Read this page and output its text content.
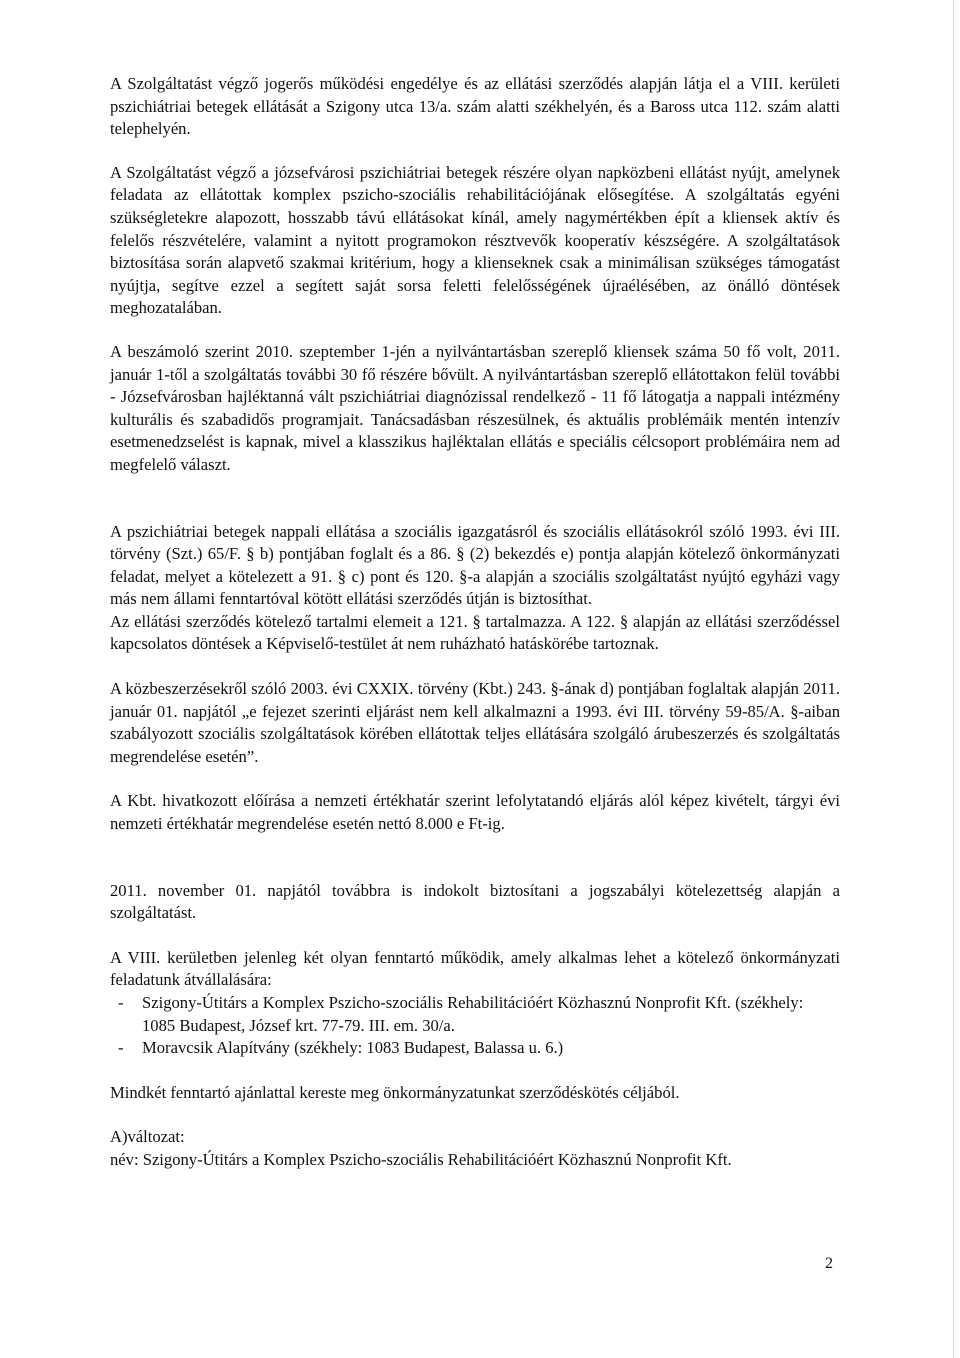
A Szolgáltatást végző jogerős működési engedélye és az ellátási szerződés alapján látja el a VIII. kerületi pszichiátriai betegek ellátását a Szigony utca 13/a. szám alatti székhelyén, és a Baross utca 112. szám alatti telephelyén.

A Szolgáltatást végző a józsefvárosi pszichiátriai betegek részére olyan napközbeni ellátást nyújt, amelynek feladata az ellátottak komplex pszicho-szociális rehabilitációjának elősegítése. A szolgáltatás egyéni szükségletekre alapozott, hosszabb távú ellátásokat kínál, amely nagymértékben épít a kliensek aktív és felelős részvételére, valamint a nyitott programokon résztvevők kooperatív készségére. A szolgáltatások biztosítása során alapvető szakmai kritérium, hogy a klienseknek csak a minimálisan szükséges támogatást nyújtja, segítve ezzel a segített saját sorsa feletti felelősségének újraélésében, az önálló döntések meghozatalában.

A beszámoló szerint 2010. szeptember 1-jén a nyilvántartásban szereplő kliensek száma 50 fő volt, 2011. január 1-től a szolgáltatás további 30 fő részére bővült. A nyilvántartásban szereplő ellátottakon felül további - Józsefvárosban hajléktanná vált pszichiátriai diagnózissal rendelkező - 11 fő látogatja a nappali intézmény kulturális és szabadidős programjait. Tanácsadásban részesülnek, és aktuális problémáik mentén intenzív esetmenedzselést is kapnak, mivel a klasszikus hajléktalan ellátás e speciális célcsoport problémáira nem ad megfelelő választ.

A pszichiátriai betegek nappali ellátása a szociális igazgatásról és szociális ellátásokról szóló 1993. évi III. törvény (Szt.) 65/F. § b) pontjában foglalt és a 86. § (2) bekezdés e) pontja alapján kötelező önkormányzati feladat, melyet a kötelezett a 91. § c) pont és 120. §-a alapján a szociális szolgáltatást nyújtó egyházi vagy más nem állami fenntartóval kötött ellátási szerződés útján is biztosíthat.

Az ellátási szerződés kötelező tartalmi elemeit a 121. § tartalmazza. A 122. § alapján az ellátási szerződéssel kapcsolatos döntések a Képviselő-testület át nem ruházható hatáskörébe tartoznak.

A közbeszerzésekről szóló 2003. évi CXXIX. törvény (Kbt.) 243. §-ának d) pontjában foglaltak alapján 2011. január 01. napjától „e fejezet szerinti eljárást nem kell alkalmazni a 1993. évi III. törvény 59-85/A. §-aiban szabályozott szociális szolgáltatások körében ellátottak teljes ellátására szolgáló árubeszerzés és szolgáltatás megrendelése esetén”.

A Kbt. hivatkozott előírása a nemzeti értékhatár szerint lefolytatandó eljárás alól képez kivételt, tárgyi évi nemzeti értékhatár megrendelése esetén nettó 8.000 e Ft-ig.

2011. november 01. napjától továbbra is indokolt biztosítani a jogszabályi kötelezettség alapján a szolgáltatást.

A VIII. kerületben jelenleg két olyan fenntartó működik, amely alkalmas lehet a kötelező önkormányzati feladatunk átvállalására:

- Szigony-Útitárs a Komplex Pszicho-szociális Rehabilitációért Közhasznú Nonprofit Kft. (székhely: 1085 Budapest, József krt. 77-79. III. em. 30/a.
- Moravcsik Alapítvány (székhely: 1083 Budapest, Balassa u. 6.)

Mindkét fenntartó ajánlattal kereste meg önkormányzatunkat szerződéskötés céljából.

A)változat:

név: Szigony-Útitárs a Komplex Pszicho-szociális Rehabilitációért Közhasznú Nonprofit Kft.

2
